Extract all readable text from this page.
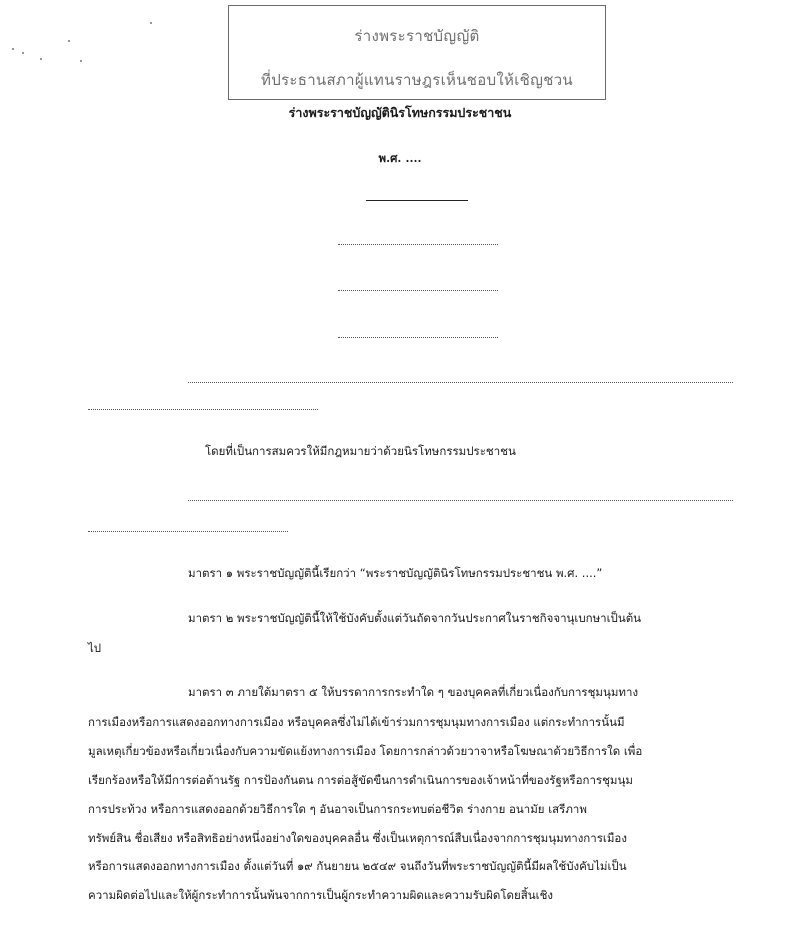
ร่างพระราชบัญญัติ
ที่ประธานสภาผู้แทนราษฎรเห็นชอบให้เชิญชวน
ร่างพระราชบัญญัตินิรโทษกรรมประชาชน
พ.ศ. ....
โดยที่เป็นการสมควรให้มีกฎหมายว่าด้วยนิรโทษกรรมประชาชน
มาตรา ๑ พระราชบัญญัตินี้เรียกว่า “พระราชบัญญัตินิรโทษกรรมประชาชน พ.ศ. ....”
มาตรา ๒ พระราชบัญญัตินี้ให้ใช้บังคับตั้งแต่วันถัดจากวันประกาศในราชกิจจานุเบกษาเป็นต้น
ไป
มาตรา ๓ ภายใต้มาตรา ๕ ให้บรรดาการกระทำใด ๆ ของบุคคลที่เกี่ยวเนื่องกับการชุมนุมทาง
การเมืองหรือการแสดงออกทางการเมือง หรือบุคคลซึ่งไม่ได้เข้าร่วมการชุมนุมทางการเมือง แต่กระทำการนั้นมี
มูลเหตุเกี่ยวข้องหรือเกี่ยวเนื่องกับความขัดแย้งทางการเมือง โดยการกล่าวด้วยวาจาหรือโฆษณาด้วยวิธีการใด เพื่อ
เรียกร้องหรือให้มีการต่อต้านรัฐ การป้องกันตน การต่อสู้ขัดขืนการดำเนินการของเจ้าหน้าที่ของรัฐหรือการชุมนุม
การประท้วง หรือการแสดงออกด้วยวิธีการใด ๆ อันอาจเป็นการกระทบต่อชีวิต ร่างกาย อนามัย เสรีภาพ
ทรัพย์สิน ชื่อเสียง หรือสิทธิอย่างหนึ่งอย่างใดของบุคคลอื่น ซึ่งเป็นเหตุการณ์สืบเนื่องจากการชุมนุมทางการเมือง
หรือการแสดงออกทางการเมือง ตั้งแต่วันที่ ๑๙ กันยายน ๒๕๔๙ จนถึงวันที่พระราชบัญญัตินี้มีผลใช้บังคับไม่เป็น
ความผิดต่อไปและให้ผู้กระทำการนั้นพ้นจากการเป็นผู้กระทำความผิดและความรับผิดโดยสิ้นเชิง
